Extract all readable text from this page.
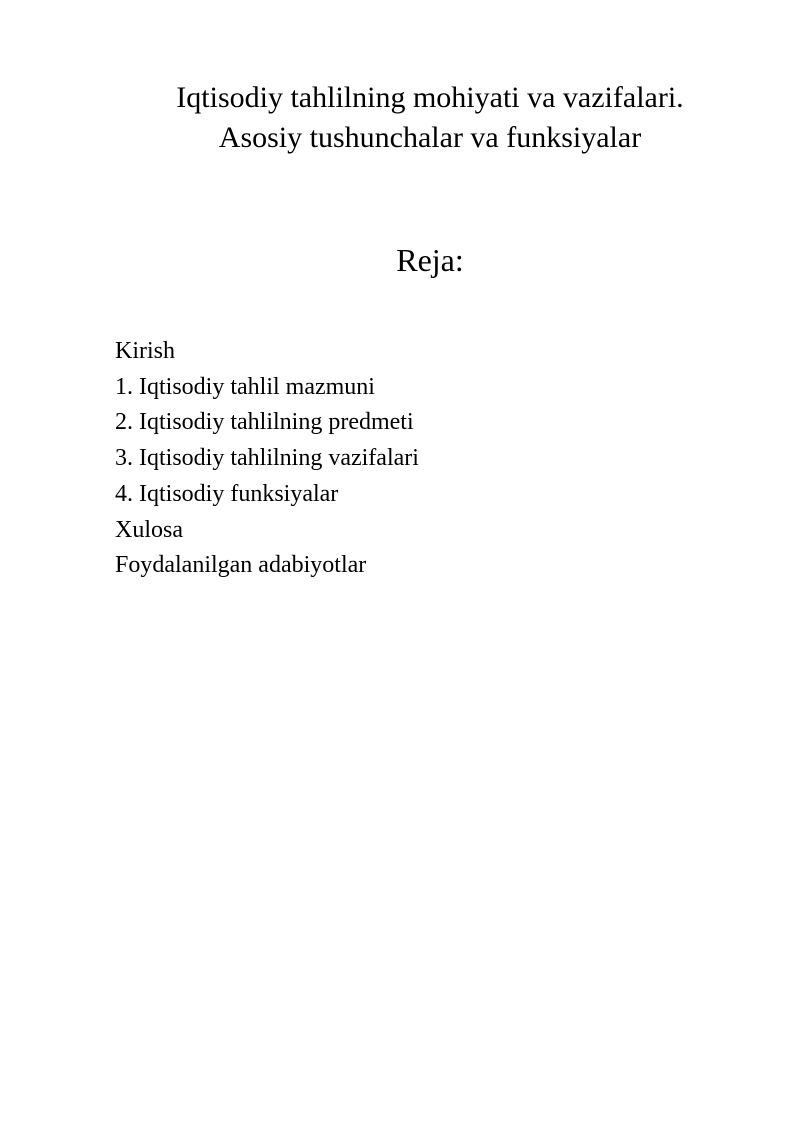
Iqtisodiy tahlilning mohiyati va vazifalari.
Asosiy tushunchalar va funksiyalar
Reja:
Kirish
1. Iqtisodiy tahlil mazmuni
2. Iqtisodiy tahlilning predmeti
3. Iqtisodiy tahlilning vazifalari
4. Iqtisodiy funksiyalar
Xulosa
Foydalanilgan adabiyotlar
